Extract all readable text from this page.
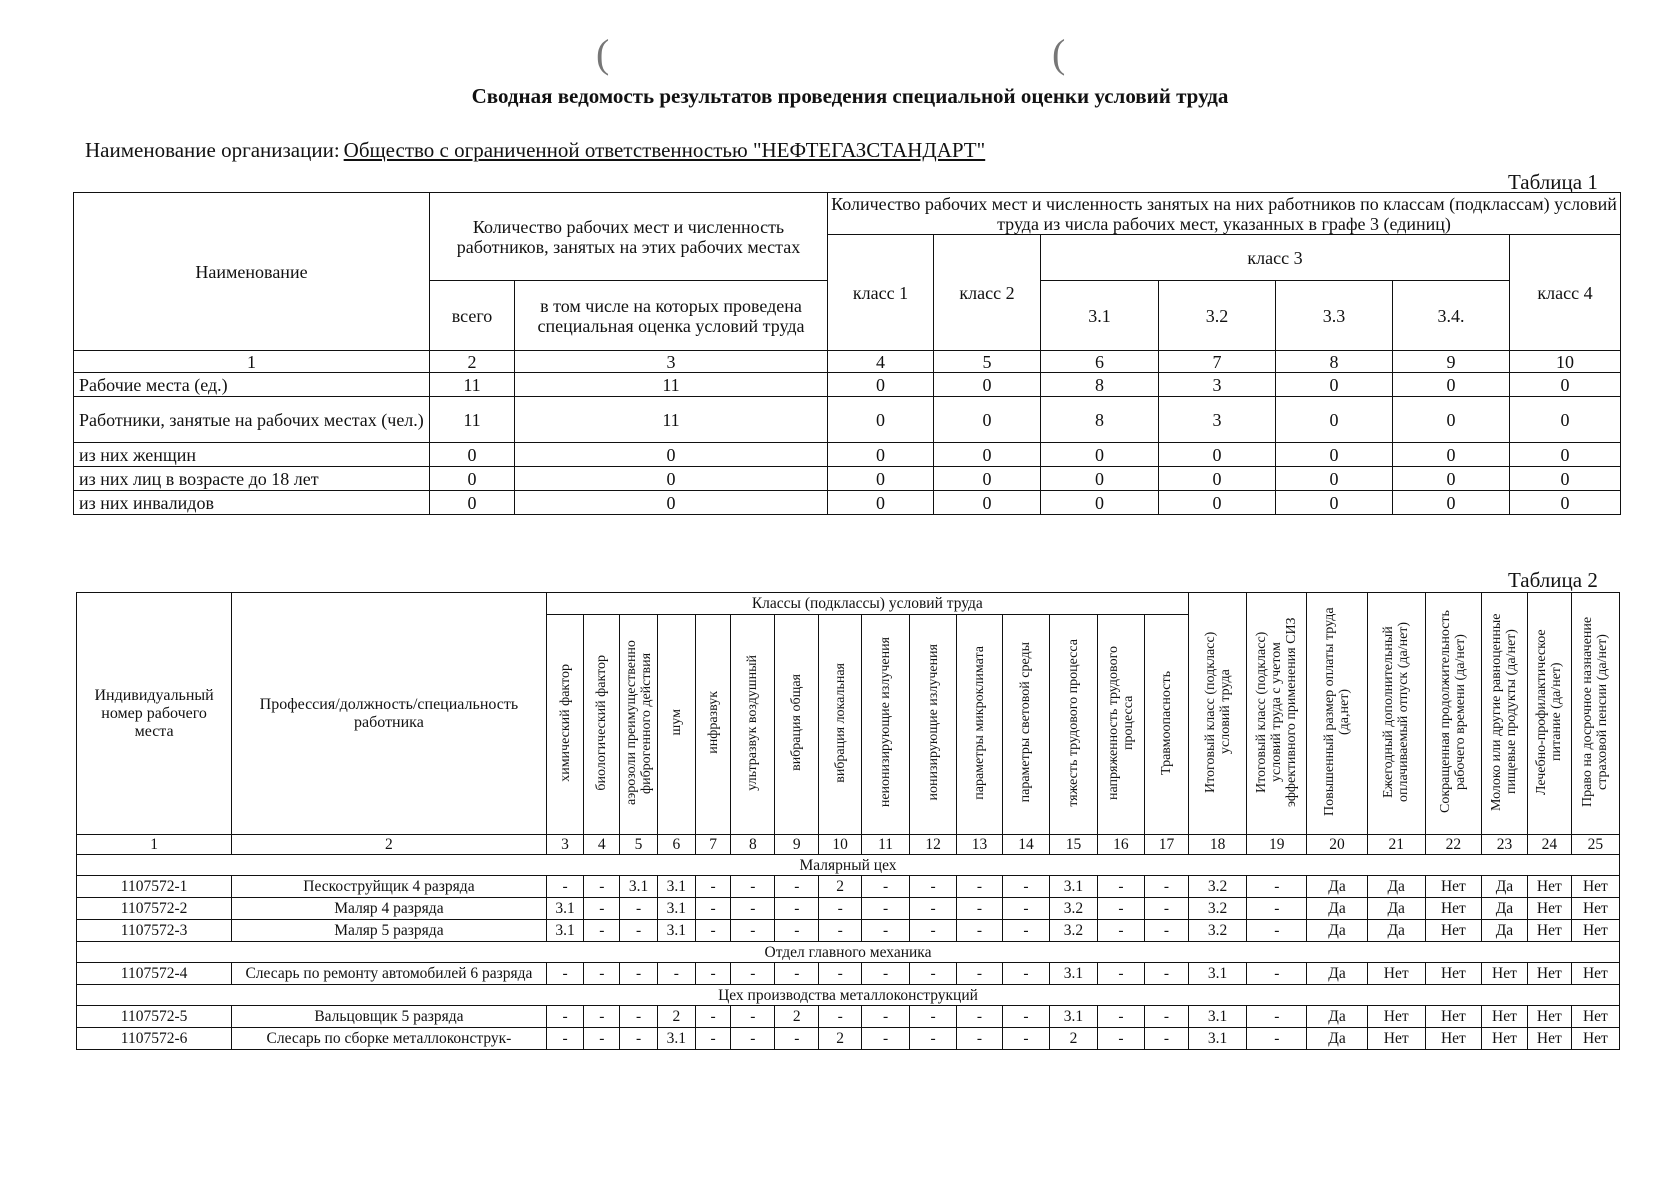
(	(
Сводная ведомость результатов проведения специальной оценки условий труда
Наименование организации: Общество с ограниченной ответственностью "НЕФТЕГАЗСТАНДАРТ"
Таблица 1
Наименование	Количество рабочих мест и численность работников, занятых на этих рабочих местах		Количество рабочих мест и численность занятых на них работников по классам (подклассам) условий труда из числа рабочих мест, указанных в графе 3 (единиц)						
			класс 1	класс 2	класс 3				класс 4
	всего	в том числе на которых проведена специальная оценка условий труда			3.1	3.2	3.3	3.4.	
1	2	3	4	5	6	7	8	9	10
Рабочие места (ед.)	11	11	0	0	8	3	0	0	0
Работники, занятые на рабочих местах (чел.)	11	11	0	0	8	3	0	0	0
из них женщин	0	0	0	0	0	0	0	0	0
из них лиц в возрасте до 18 лет	0	0	0	0	0	0	0	0	0
из них инвалидов	0	0	0	0	0	0	0	0	0
Таблица 2
Индивидуальный номер рабочего места	Профессия/должность/специальность работника	Классы (подклассы) условий труда															Итоговый класс (подкласс) условий труда	Итоговый класс (подкласс) условий труда с учетом эффективного применения СИЗ	Повышенный размер оплаты труда (да,нет)	Ежегодный дополнительный оплачиваемый отпуск (да/нет)	Сокращенная продолжительность рабочего времени (да/нет)	Молоко или другие равноценные пищевые продукты (да/нет)	Лечебно-профилактическое питание (да/нет)	Право на досрочное назначение страховой пенсии (да/нет)
		химический фактор	биологический фактор	аэрозоли преимущественно фиброгенного действия	шум	инфразвук	ультразвук воздушный	вибрация общая	вибрация локальная	неионизирующие излучения	ионизирующие излучения	параметры микроклимата	параметры световой среды	тяжесть трудового процесса	напряженность трудового процесса	Травмоопасность								
1	2	3	4	5	6	7	8	9	10	11	12	13	14	15	16	17	18	19	20	21	22	23	24	25
Малярный цех																								
1107572-1	Пескоструйщик 4 разряда	-	-	3.1	3.1	-	-	-	2	-	-	-	-	3.1	-	-	3.2	-	Да	Да	Нет	Да	Нет	Нет
1107572-2	Маляр 4 разряда	3.1	-	-	3.1	-	-	-	-	-	-	-	-	3.2	-	-	3.2	-	Да	Да	Нет	Да	Нет	Нет
1107572-3	Маляр 5 разряда	3.1	-	-	3.1	-	-	-	-	-	-	-	-	3.2	-	-	3.2	-	Да	Да	Нет	Да	Нет	Нет
Отдел главного механика																								
1107572-4	Слесарь по ремонту автомобилей 6 разряда	-	-	-	-	-	-	-	-	-	-	-	-	3.1	-	-	3.1	-	Да	Нет	Нет	Нет	Нет	Нет
Цех производства металлоконструкций																								
1107572-5	Вальцовщик 5 разряда	-	-	-	2	-	-	2	-	-	-	-	-	3.1	-	-	3.1	-	Да	Нет	Нет	Нет	Нет	Нет
1107572-6	Слесарь по сборке металлоконструк-	-	-	-	3.1	-	-	-	2	-	-	-	-	2	-	-	3.1	-	Да	Нет	Нет	Нет	Нет	Нет
